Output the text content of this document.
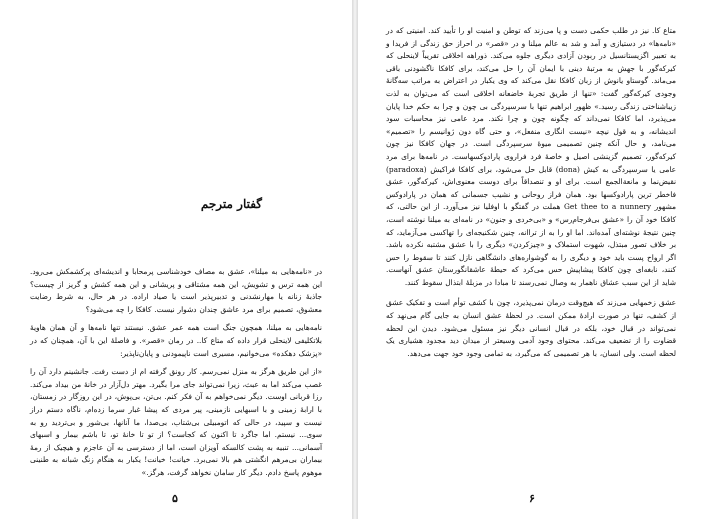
گفتار مترجم

در «نامه‌هایی به میلنا»، عشق به مصاف خودشناسی پرمحابا و اندیشه‌ای پرکشمکش می‌رود. این همه ترس و تشویش، این همه مشتاقی و پریشانی و این همه کشش و گریز از چیست؟ جاذبهٔ زنانه یا مهارنشدنی و تدبیرپذیر است یا صیاد اراده. در هر حال، به شرط رضایت معشوق، تصمیم برای مرد عاشق چندان دشوار نیست. کافکا را چه می‌شود؟

نامه‌هایی به میلنا، همچون جنگ است همه عمر عشق. نیستند تنها نامه‌ها و آن همان هاویهٔ بلاتکلیفی لاینحلی قرار داده که متاع کا.. در رمان «قصر». و فاصلهٔ این با آن، همچنان که در «پزشک دهکده» می‌خوانیم، مسیری است ناپیمودنی و پایان‌ناپذیر:

«از این طریق هرگز به منزل نمی‌رسم. کار رونق گرفته ام از دست رفت. جانشینم دارد آن را غصب می‌کند اما به عبث، زیرا نمی‌تواند جای مرا بگیرد. مهتر دل‌آزار در خانهٔ من بیداد می‌کند. رزا قربانی اوست. دیگر نمی‌خواهم به آن فکر کنم. بی‌تن، بی‌پوش، در این روزگار در زمستان، با ارابهٔ زمینی و با اسبهایی نازمینی، پیر مردی که پیشا غبار سرما زده‌ام، ناگاه دستم دراز نیست و سپید، در حالی که اتومبیلی بی‌شتاب، بی‌صدا، ما آنانها، بی‌شور و بی‌تردید رو به سوی... نیستم. اما جاگرد تا اکنون که کجاست؟ از تو تا خانهٔ تو، تا باشم بیمار و اسبهای آسمانی... تنبیه به پشت کالسکه آویزان است، اما از دسترسی به آن عاجزم و هیچیک از رمهٔ بیماران بی‌مرهم انگشتی هم بالا نمی‌برد. خیانت! خیانت! یکبار به هنگام زنگ شبانه به طنینی موهوم پاسخ دادم. دیگر کار سامان نخواهد گرفت، هرگز.»

۵

متاع کا. نیز در طلب حکمی دست و پا می‌زند که توطن و امنیت او را تأیید کند. امنیتی که در «نامه‌ها» در دستیازی و آمد و شد به عالم میلنا و در «قصر» در احراز حق زندگی از فریدا و به تعبیر اگزیستانسیل در ربودن آزادی دیگری جلوه می‌کند. ذوراهه اخلاقی تقریباً لاینحلی که کیرکه‌گور با جهش به مرتبهٔ دینی با ایمان آن را حل می‌کند، برای کافکا نا‌گشودنی باقی می‌ماند. گوستاو یانوش از زبان کافکا نقل می‌کند که وی یکبار در اعتراض به مراتب سه‌گانهٔ وجودی کیرکه‌گور گفت: «تنها از طریق تجربهٔ خاضعانه اخلاقی است که می‌توان به لذت زیباشناختی زندگی رسید.» ظهور ابراهیم تنها با سرسپردگی بی چون و چرا به حکم خدا پایان می‌پذیرد، اما کافکا نمی‌داند که چگونه چون و چرا نکند. مرد عامی نیز محاسبات سود اندیشانه، و به قول نیچه «نیست انگاری منفعل»، و حتی گاه دون ژوانیسم را «تصمیم» می‌نامد، و حال آنکه چنین تصمیمی میوهٔ سرسپردگی است. در جهان کافکا نیز چون کیرکه‌گور، تصمیم گزینشی اصیل و خاصهٔ فرد فراروی پارادوکسهاست. در نامه‌ها برای مرد عامی یا سرسپردگی به کیش (dona) قابل حل می‌شود، برای کافکا فراکیش (paradoxa) نقیض‌نما و مانعةالجمع است. برای او و تنصداقاً برای دوست معنوی‌اش، کیرکه‌گور، عشق فاخطر ترین پارادوکسها بود. همان فراز روحانی و نشیب جسمانی که همان در پارادوکس مشهور Get thee to a nunnery هملت در گفتگو با اوفلیا نیز می‌آورد. از این حالتی، که کافکا خود آن را «عشق بی‌فرجام‌رس» و «بی‌خردی و جنون» در نامه‌ای به میلنا نوشته است، چنین نتیجهٔ نوشته‌ای آمده‌اند. اما او را به از تراانه، چنین شکنیجه‌ای را تهاکسی می‌آزماید، که بر خلاف تصور مبتذل، شهوت استملاک و «چیزکردن» دیگری را با عشق مشتبه نکرده باشد. اگر ارواح پست باید خود و دیگری را به گوشواره‌های دانشگاهی نازل کنند تا سقوط را حس کنند، نابغه‌ای چون کافکا پیشاپیش حس می‌کرد که حیطهٔ عاشقانگورستان عشق آنهاست. شاید از این سبب عشاق ناهمار به وصال نمی‌رسند تا مبادا در مزبلهٔ ابتذال سقوط کنند.

عشق زخمهایی می‌زند که هیچ‌وقت درمان نمی‌پذیرد، چون با کشف توأم است و تفکیک عشق از کشف، تنها در صورت ارادهٔ ممکن است. در لحظهٔ عشق انسان به جایی گام می‌نهد که نمی‌تواند در قبال خود، بلکه در قبال انسانی دیگر نیز مسئول می‌شود. دیدن این لحظه قضاوت را از تضعیف می‌کند. محتوای وجود آدمی وسیعتر از میدان دید مجدود هشیاری یک لحظه است. ولی انسان، با هر تصمیمی که می‌گیرد، به تمامی وجود خود جهت می‌دهد.

۶
